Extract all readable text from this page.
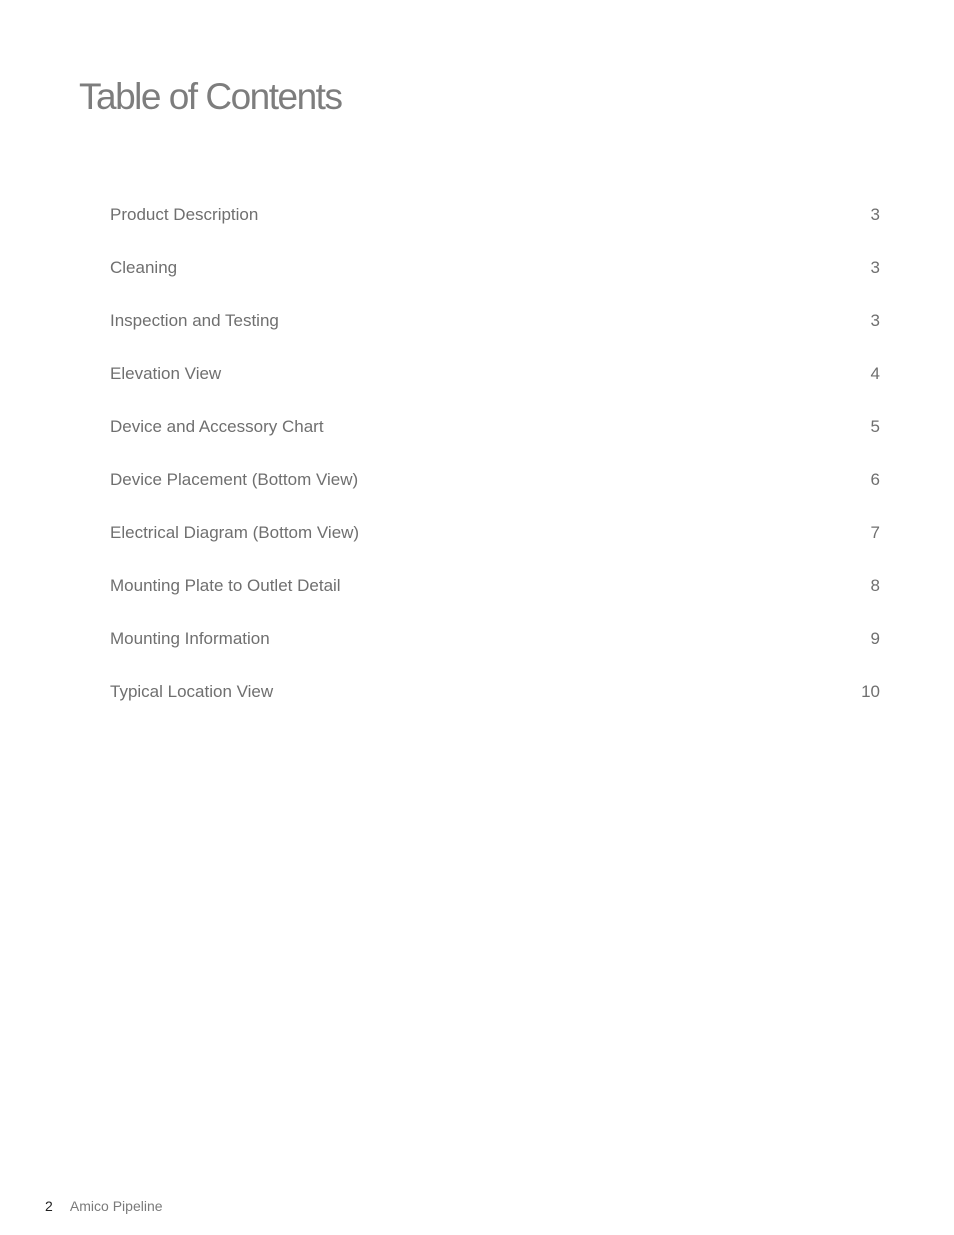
Table of Contents
Product Description	3
Cleaning	3
Inspection and Testing	3
Elevation View	4
Device and Accessory Chart	5
Device Placement (Bottom View)	6
Electrical Diagram (Bottom View)	7
Mounting Plate to Outlet Detail	8
Mounting Information	9
Typical Location View	10
2 Amico Pipeline
